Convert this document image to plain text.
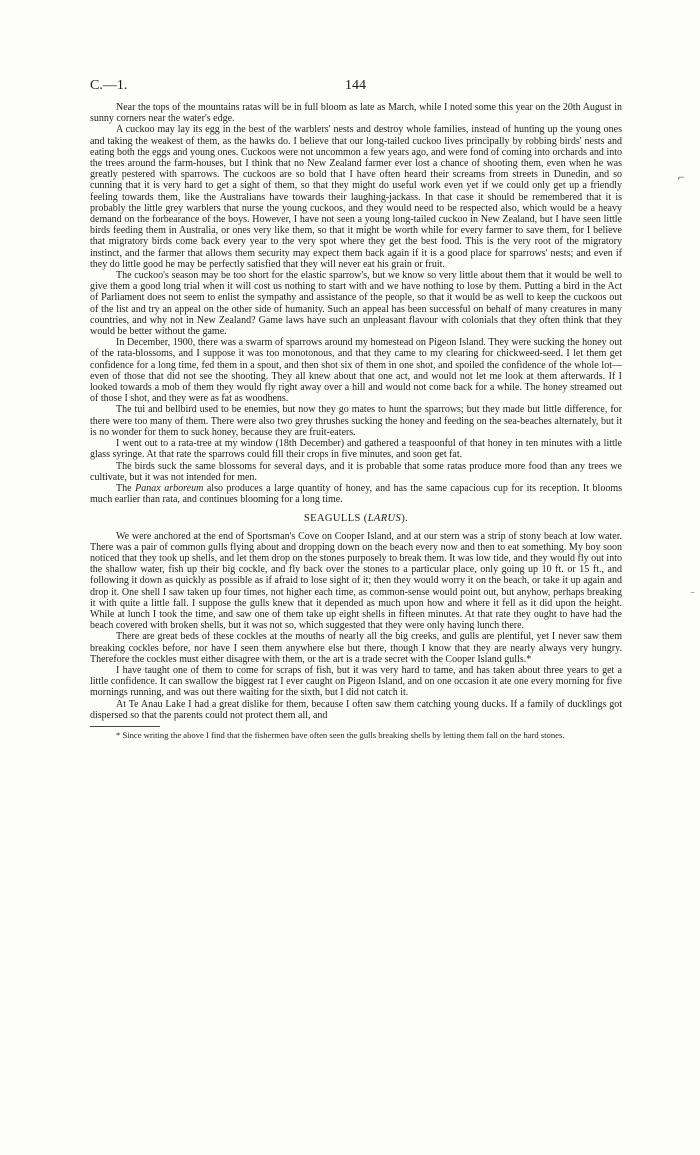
⌐
⁻
C.—1.	144

Near the tops of the mountains ratas will be in full bloom as late as March, while I noted some this year on the 20th August in sunny corners near the water's edge.

A cuckoo may lay its egg in the best of the warblers' nests and destroy whole families, instead of hunting up the young ones and taking the weakest of them, as the hawks do. I believe that our long-tailed cuckoo lives principally by robbing birds' nests and eating both the eggs and young ones. Cuckoos were not uncommon a few years ago, and were fond of coming into orchards and into the trees around the farm-houses, but I think that no New Zealand farmer ever lost a chance of shooting them, even when he was greatly pestered with sparrows. The cuckoos are so bold that I have often heard their screams from streets in Dunedin, and so cunning that it is very hard to get a sight of them, so that they might do useful work even yet if we could only get up a friendly feeling towards them, like the Australians have towards their laughing-jackass. In that case it should be remembered that it is probably the little grey warblers that nurse the young cuckoos, and they would need to be respected also, which would be a heavy demand on the forbearance of the boys. However, I have not seen a young long-tailed cuckoo in New Zealand, but I have seen little birds feeding them in Australia, or ones very like them, so that it might be worth while for every farmer to save them, for I believe that migratory birds come back every year to the very spot where they get the best food. This is the very root of the migratory instinct, and the farmer that allows them security may expect them back again if it is a good place for sparrows' nests; and even if they do little good he may be perfectly satisfied that they will never eat his grain or fruit.

The cuckoo's season may be too short for the elastic sparrow's, but we know so very little about them that it would be well to give them a good long trial when it will cost us nothing to start with and we have nothing to lose by them. Putting a bird in the Act of Parliament does not seem to enlist the sympathy and assistance of the people, so that it would be as well to keep the cuckoos out of the list and try an appeal on the other side of humanity. Such an appeal has been successful on behalf of many creatures in many countries, and why not in New Zealand? Game laws have such an unpleasant flavour with colonials that they often think that they would be better without the game.

In December, 1900, there was a swarm of sparrows around my homestead on Pigeon Island. They were sucking the honey out of the rata-blossoms, and I suppose it was too monotonous, and that they came to my clearing for chickweed-seed. I let them get confidence for a long time, fed them in a spout, and then shot six of them in one shot, and spoiled the confidence of the whole lot—even of those that did not see the shooting. They all knew about that one act, and would not let me look at them afterwards. If I looked towards a mob of them they would fly right away over a hill and would not come back for a while. The honey streamed out of those I shot, and they were as fat as woodhens.

The tui and bellbird used to be enemies, but now they go mates to hunt the sparrows; but they made but little difference, for there were too many of them. There were also two grey thrushes sucking the honey and feeding on the sea-beaches alternately, but it is no wonder for them to suck honey, because they are fruit-eaters.

I went out to a rata-tree at my window (18th December) and gathered a teaspoonful of that honey in ten minutes with a little glass syringe. At that rate the sparrows could fill their crops in five minutes, and soon get fat.

The birds suck the same blossoms for several days, and it is probable that some ratas produce more food than any trees we cultivate, but it was not intended for men.

The Panax arboreum also produces a large quantity of honey, and has the same capacious cup for its reception. It blooms much earlier than rata, and continues blooming for a long time.

SEAGULLS (LARUS).

We were anchored at the end of Sportsman's Cove on Cooper Island, and at our stern was a strip of stony beach at low water. There was a pair of common gulls flying about and dropping down on the beach every now and then to eat something. My boy soon noticed that they took up shells, and let them drop on the stones purposely to break them. It was low tide, and they would fly out into the shallow water, fish up their big cockle, and fly back over the stones to a particular place, only going up 10 ft. or 15 ft., and following it down as quickly as possible as if afraid to lose sight of it; then they would worry it on the beach, or take it up again and drop it. One shell I saw taken up four times, not higher each time, as common-sense would point out, but anyhow, perhaps breaking it with quite a little fall. I suppose the gulls knew that it depended as much upon how and where it fell as it did upon the height. While at lunch I took the time, and saw one of them take up eight shells in fifteen minutes. At that rate they ought to have had the beach covered with broken shells, but it was not so, which suggested that they were only having lunch there.

There are great beds of these cockles at the mouths of nearly all the big creeks, and gulls are plentiful, yet I never saw them breaking cockles before, nor have I seen them anywhere else but there, though I know that they are nearly always very hungry. Therefore the cockles must either disagree with them, or the art is a trade secret with the Cooper Island gulls.*

I have taught one of them to come for scraps of fish, but it was very hard to tame, and has taken about three years to get a little confidence. It can swallow the biggest rat I ever caught on Pigeon Island, and on one occasion it ate one every morning for five mornings running, and was out there waiting for the sixth, but I did not catch it.

At Te Anau Lake I had a great dislike for them, because I often saw them catching young ducks. If a family of ducklings got dispersed so that the parents could not protect them all, and

* Since writing the above I find that the fishermen have often seen the gulls breaking shells by letting them fall on the hard stones.
